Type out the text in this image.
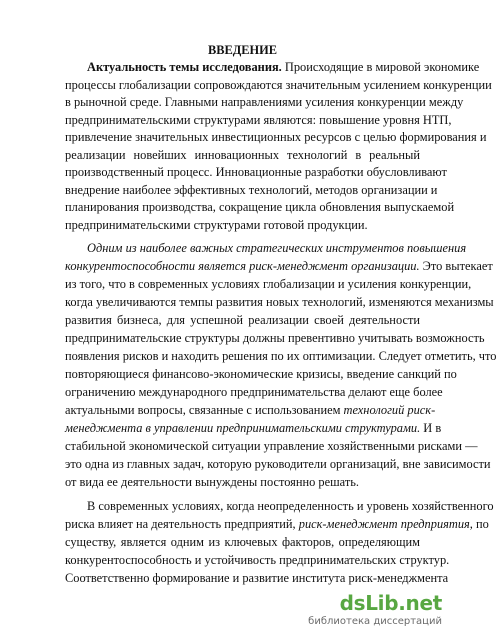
ВВЕДЕНИЕ
Актуальность темы исследования. Происходящие в мировой экономике
процессы глобализации сопровождаются значительным усилением конкуренции
в рыночной среде. Главными направлениями усиления конкуренции между
предпринимательскими структурами являются: повышение уровня НТП,
привлечение значительных инвестиционных ресурсов с целью формирования и
реализации новейших инновационных технологий в реальный
производственный процесс. Инновационные разработки обусловливают
внедрение наиболее эффективных технологий, методов организации и
планирования производства, сокращение цикла обновления выпускаемой
предпринимательскими структурами готовой продукции.
Одним из наиболее важных стратегических инструментов повышения
конкурентоспособности является риск-менеджмент организации. Это вытекает
из того, что в современных условиях глобализации и усиления конкуренции,
когда увеличиваются темпы развития новых технологий, изменяются механизмы
развития бизнеса, для успешной реализации своей деятельности
предпринимательские структуры должны превентивно учитывать возможность
появления рисков и находить решения по их оптимизации. Следует отметить, что
повторяющиеся финансово-экономические кризисы, введение санкций по
ограничению международного предпринимательства делают еще более
актуальными вопросы, связанные с использованием технологий риск-
менеджмента в управлении предпринимательскими структурами. И в
стабильной экономической ситуации управление хозяйственными рисками —
это одна из главных задач, которую руководители организаций, вне зависимости
от вида ее деятельности вынуждены постоянно решать.
В современных условиях, когда неопределенность и уровень хозяйственного
риска влияет на деятельность предприятий, риск-менеджмент предприятия, по
существу, является одним из ключевых факторов, определяющим
конкурентоспособность и устойчивость предпринимательских структур.
Соответственно формирование и развитие института риск-менеджмента
dsLib.net
библиотека диссертаций
